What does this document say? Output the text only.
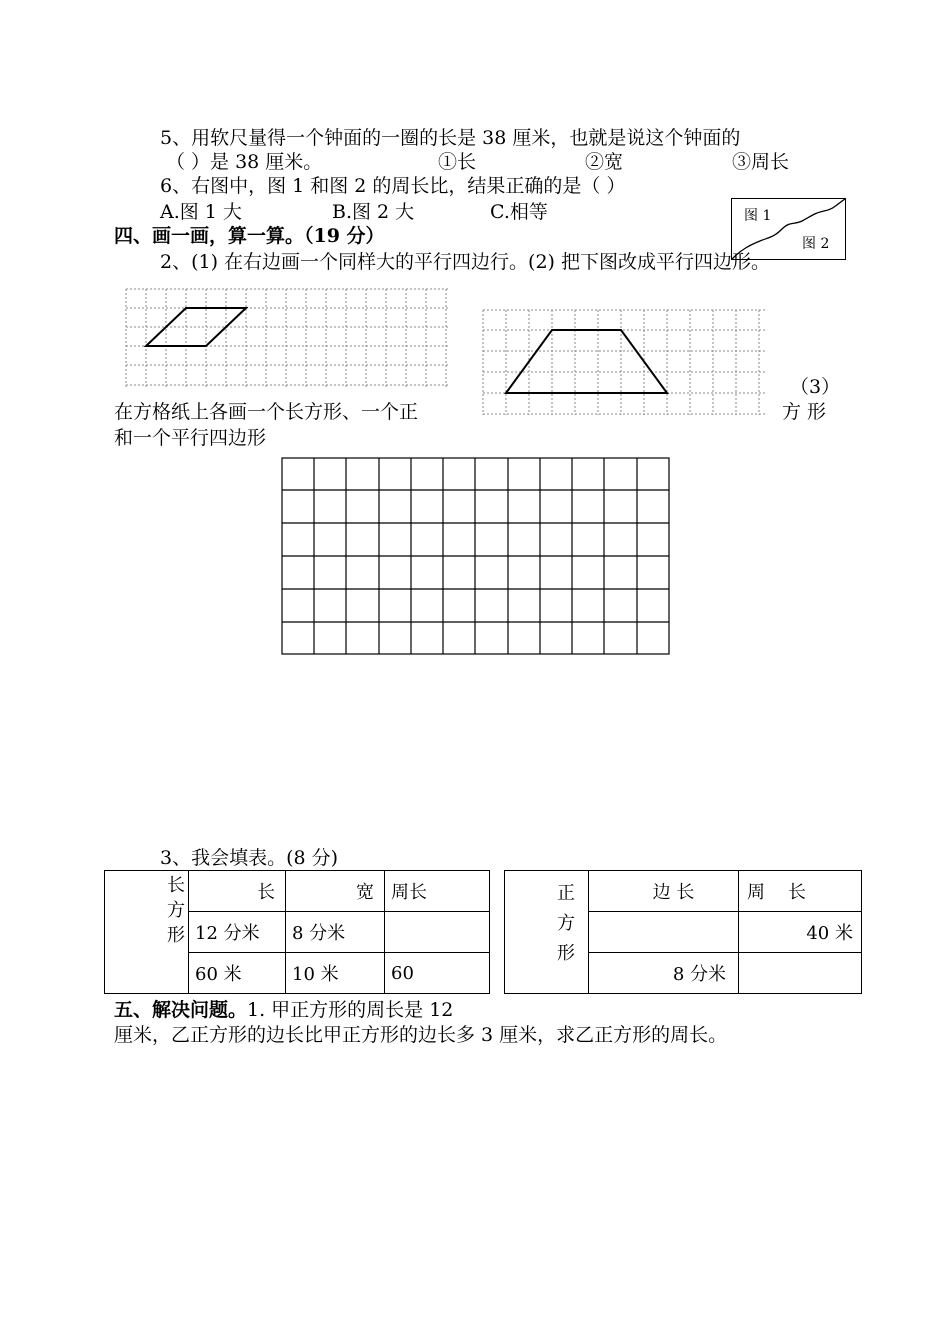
5、用软尺量得一个钟面的一圈的长是 38 厘米，也就是说这个钟面的
（ ）是 38 厘米。	①长	②宽	③周长
6、右图中，图 1 和图 2 的周长比，结果正确的是（ ）
A.图 1 大	B.图 2 大	C.相等	图 1
图 2
四、画一画，算一算。（19 分）
2、(1) 在右边画一个同样大的平行四边行。(2) 把下图改成平行四边形。
（3）
在方格纸上各画一个长方形、一个正	方 形
和一个平行四边形
3、我会填表。(8 分)
长
方
形	长	宽	周长
	12 分米	8 分米	
	60 米	10 米	60
正
方
形	边 长	周    长
		40 米
	8 分米	
五、解决问题。1. 甲正方形的周长是 12
厘米，乙正方形的边长比甲正方形的边长多 3 厘米，求乙正方形的周长。
